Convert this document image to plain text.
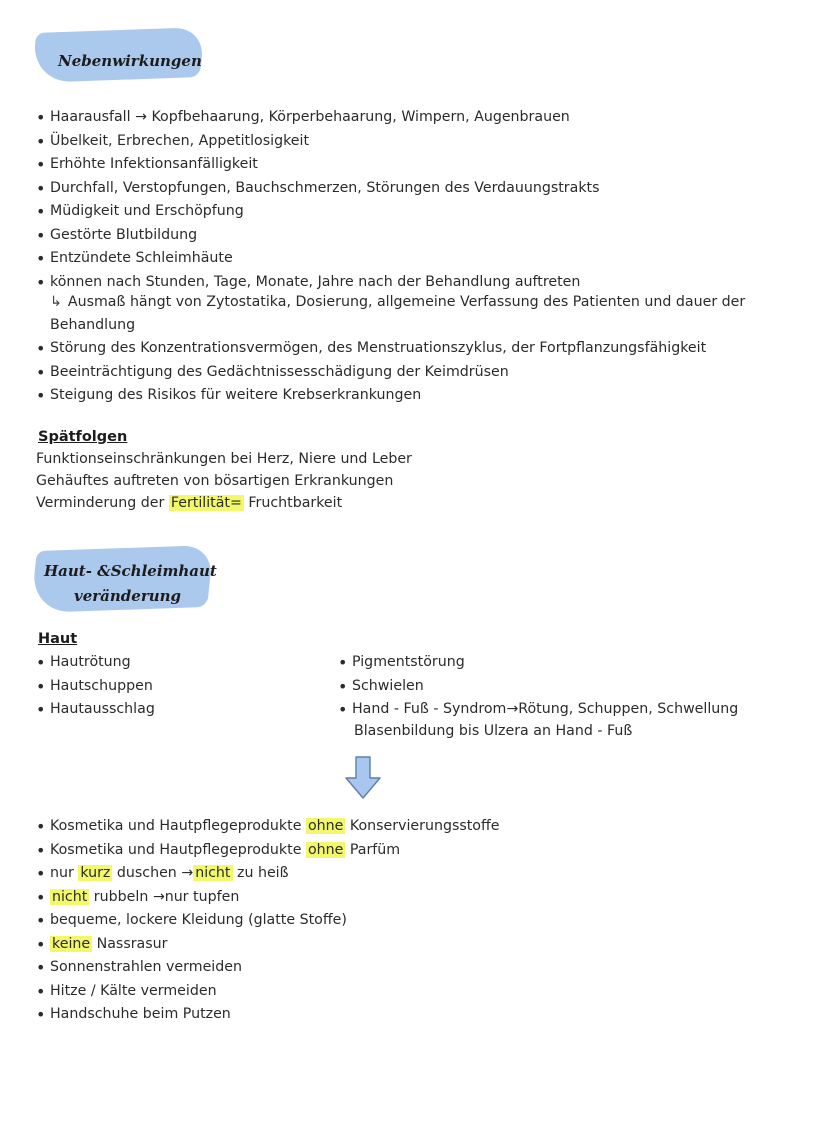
Nebenwirkungen
• Haarausfall → Kopfbehaarung, Körperbehaarung, Wimpern, Augenbrauen
• Übelkeit, Erbrechen, Appetitlosigkeit
• Erhöhte Infektionsanfälligkeit
• Durchfall, Verstopfungen, Bauchschmerzen, Störungen des Verdauungstrakts
• Müdigkeit und Erschöpfung
• Gestörte Blutbildung
• Entzündete Schleimhäute
• können nach Stunden, Tage, Monate, Jahre nach der Behandlung auftreten
↳ Ausmaß hängt von Zytostatika, Dosierung, allgemeine Verfassung des Patienten und dauer der Behandlung
• Störung des Konzentrationsvermögen, des Menstruationszyklus, der Fortpflanzungsfähigkeit
• Beeinträchtigung des Gedächtnissesschädigung der Keimdrüsen
• Steigung des Risikos für weitere Krebserkrankungen
Spätfolgen
Funktionseinschränkungen bei Herz, Niere und Leber
Gehäuftes auftreten von bösartigen Erkrankungen
Verminderung der Fertilität= Fruchtbarkeit
Haut- &Schleimhaut
veränderung
Haut
• Hautrötung
• Hautschuppen
• Hautausschlag
• Pigmentstörung
• Schwielen
• Hand - Fuß - Syndrom→Rötung, Schuppen, Schwellung
Blasenbildung bis Ulzera an Hand - Fuß
• Kosmetika und Hautpflegeprodukte ohne Konservierungsstoffe
• Kosmetika und Hautpflegeprodukte ohne Parfüm
• nur kurz duschen → nicht zu heiß
• nicht rubbeln →nur tupfen
• bequeme, lockere Kleidung (glatte Stoffe)
• keine Nassrasur
• Sonnenstrahlen vermeiden
• Hitze / Kälte vermeiden
• Handschuhe beim Putzen
